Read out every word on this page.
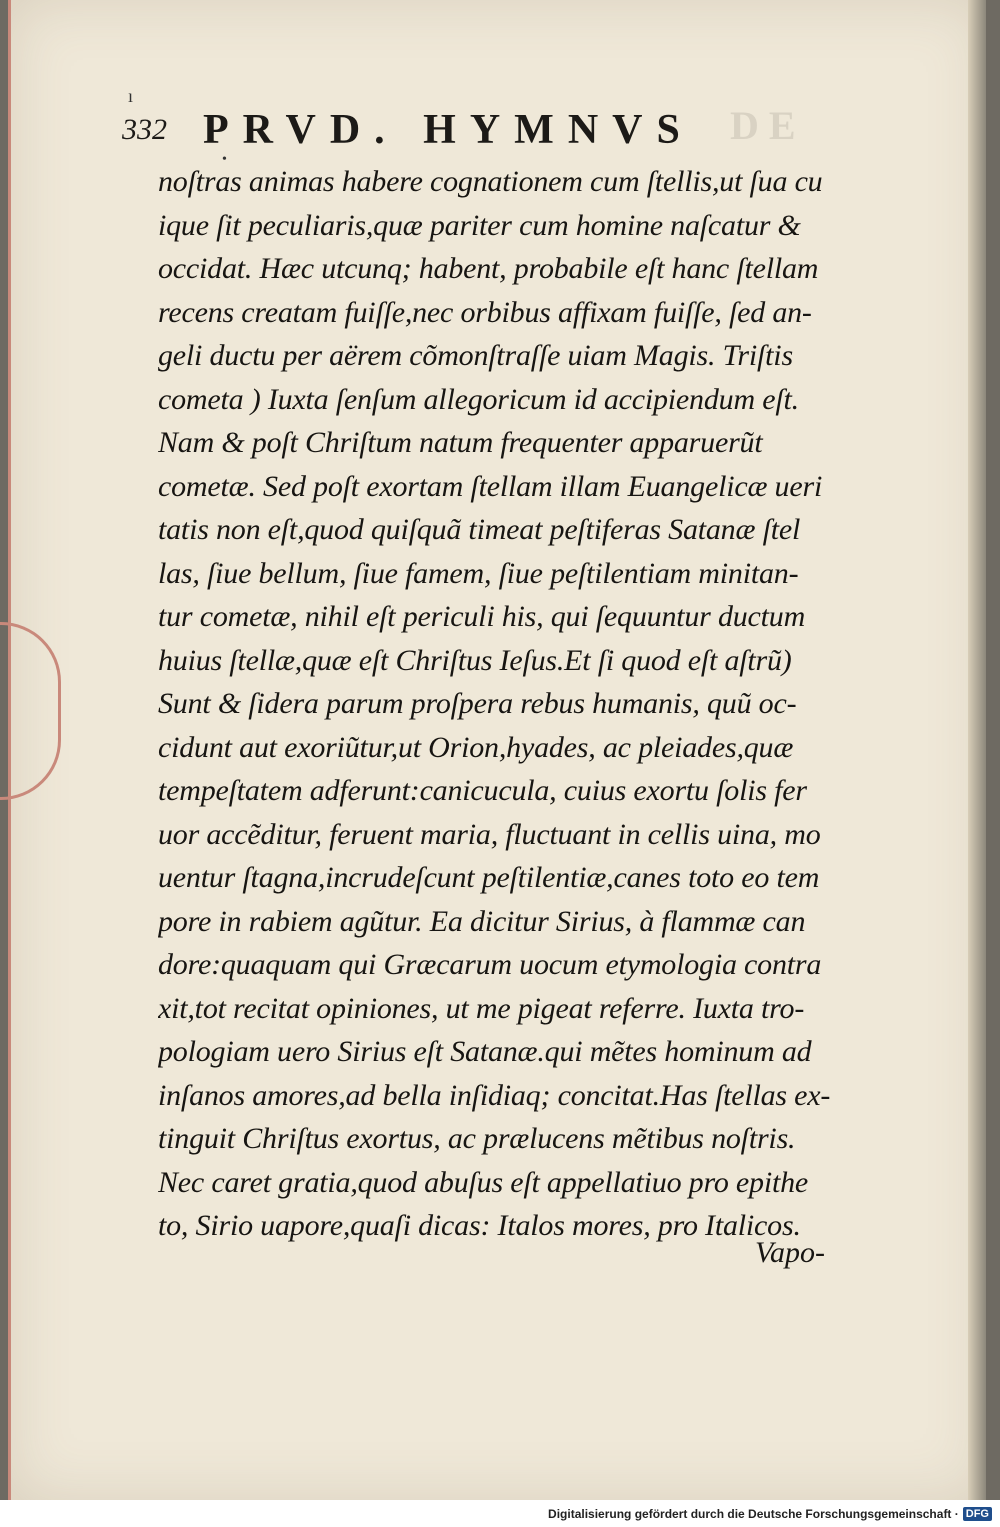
ı
•
DE
332 PRVD. HYMNVS
noſtras animas habere cognationem cum ſtellis,ut ſua cu
ique ſit peculiaris,quæ pariter cum homine naſcatur &
occidat. Hæc utcunq; habent, probabile eſt hanc ſtellam
recens creatam fuiſſe,nec orbibus affixam fuiſſe, ſed an-
geli ductu per aërem cõmonſtraſſe uiam Magis. Triſtis
cometa ) Iuxta ſenſum allegoricum id accipiendum eſt.
Nam & poſt Chriſtum natum frequenter apparuerũt
cometæ. Sed poſt exortam ſtellam illam Euangelicæ ueri
tatis non eſt,quod quiſquã timeat peſtiferas Satanæ ſtel
las, ſiue bellum, ſiue famem, ſiue peſtilentiam minitan-
tur cometæ, nihil eſt periculi his, qui ſequuntur ductum
huius ſtellæ,quæ eſt Chriſtus Ieſus.Et ſi quod eſt aſtrũ)
Sunt & ſidera parum proſpera rebus humanis, quũ oc-
cidunt aut exoriũtur,ut Orion,hyades, ac pleiades,quæ
tempeſtatem adferunt:canicucula, cuius exortu ſolis fer
uor accẽditur, feruent maria, fluctuant in cellis uina, mo
uentur ſtagna,incrudeſcunt peſtilentiæ,canes toto eo tem
pore in rabiem agũtur. Ea dicitur Sirius, à flammæ can
dore:quaquam qui Græcarum uocum etymologia contra
xit,tot recitat opiniones, ut me pigeat referre. Iuxta tro-
pologiam uero Sirius eſt Satanæ.qui mẽtes hominum ad
inſanos amores,ad bella inſidiaq; concitat.Has ſtellas ex-
tinguit Chriſtus exortus, ac prælucens mẽtibus noſtris.
Nec caret gratia,quod abuſus eſt appellatiuo pro epithe
to, Sirio uapore,quaſi dicas: Italos mores, pro Italicos.
Vapo-
Digitalisierung gefördert durch die Deutsche Forschungsgemeinschaft · DFG
